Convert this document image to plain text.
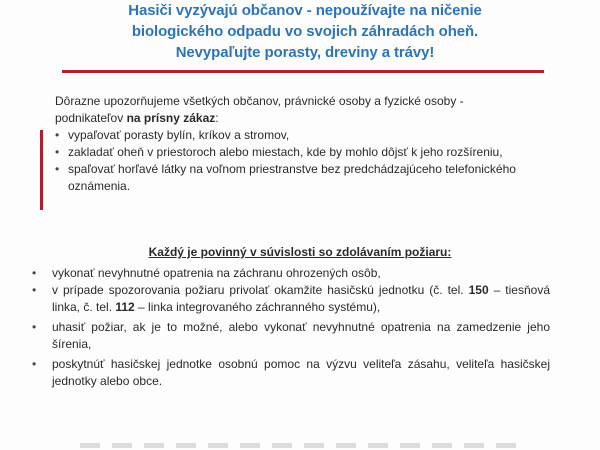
Hasiči vyzývajú občanov - nepoužívajte na ničenie
biologického odpadu vo svojich záhradách oheň.
Nevypaľujte porasty, dreviny a trávy!
Dôrazne upozorňujeme všetkých občanov, právnické osoby a fyzické osoby -
podnikateľov na prísny zákaz:
• vypaľovať porasty bylín, kríkov a stromov,
• zakladať oheň v priestoroch alebo miestach, kde by mohlo dôjsť k jeho rozšíreniu,
• spaľovať horľavé látky na voľnom priestranstve bez predchádzajúceho telefonického oznámenia.
Každý je povinný v súvislosti so zdolávaním požiaru:
• vykonať nevyhnutné opatrenia na záchranu ohrozených osôb,
• v prípade spozorovania požiaru privolať okamžite hasičskú jednotku (č. tel. 150 – tiesňová linka, č. tel. 112 – linka integrovaného záchranného systému),
• uhasiť požiar, ak je to možné, alebo vykonať nevyhnutné opatrenia na zamedzenie jeho šírenia,
• poskytnúť hasičskej jednotke osobnú pomoc na výzvu veliteľa zásahu, veliteľa hasičskej jednotky alebo obce.
